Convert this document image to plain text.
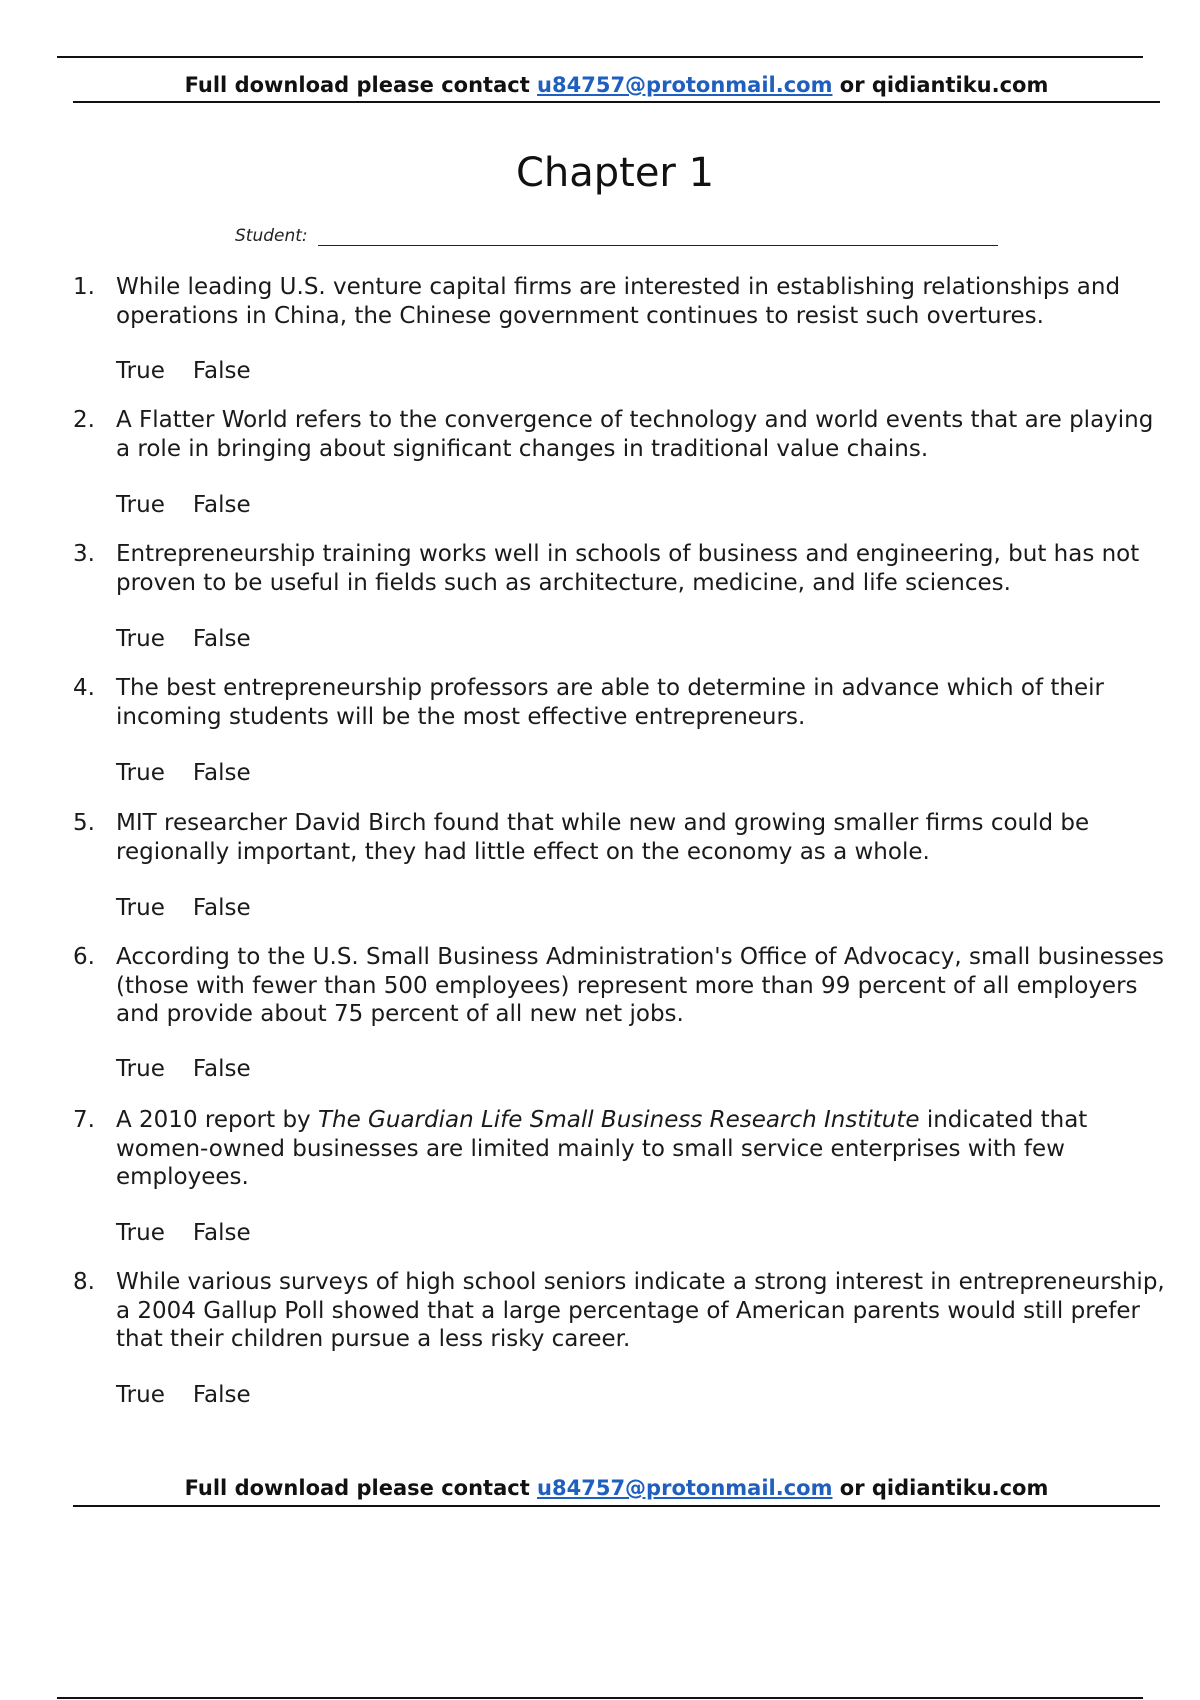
Full download please contact u84757@protonmail.com or qidiantiku.com
Chapter 1
Student:
1. While leading U.S. venture capital firms are interested in establishing relationships and operations in China, the Chinese government continues to resist such overtures.
True False
2. A Flatter World refers to the convergence of technology and world events that are playing a role in bringing about significant changes in traditional value chains.
True False
3. Entrepreneurship training works well in schools of business and engineering, but has not proven to be useful in fields such as architecture, medicine, and life sciences.
True False
4. The best entrepreneurship professors are able to determine in advance which of their incoming students will be the most effective entrepreneurs.
True False
5. MIT researcher David Birch found that while new and growing smaller firms could be regionally important, they had little effect on the economy as a whole.
True False
6. According to the U.S. Small Business Administration's Office of Advocacy, small businesses (those with fewer than 500 employees) represent more than 99 percent of all employers and provide about 75 percent of all new net jobs.
True False
7. A 2010 report by The Guardian Life Small Business Research Institute indicated that women-owned businesses are limited mainly to small service enterprises with few employees.
True False
8. While various surveys of high school seniors indicate a strong interest in entrepreneurship, a 2004 Gallup Poll showed that a large percentage of American parents would still prefer that their children pursue a less risky career.
True False
Full download please contact u84757@protonmail.com or qidiantiku.com
